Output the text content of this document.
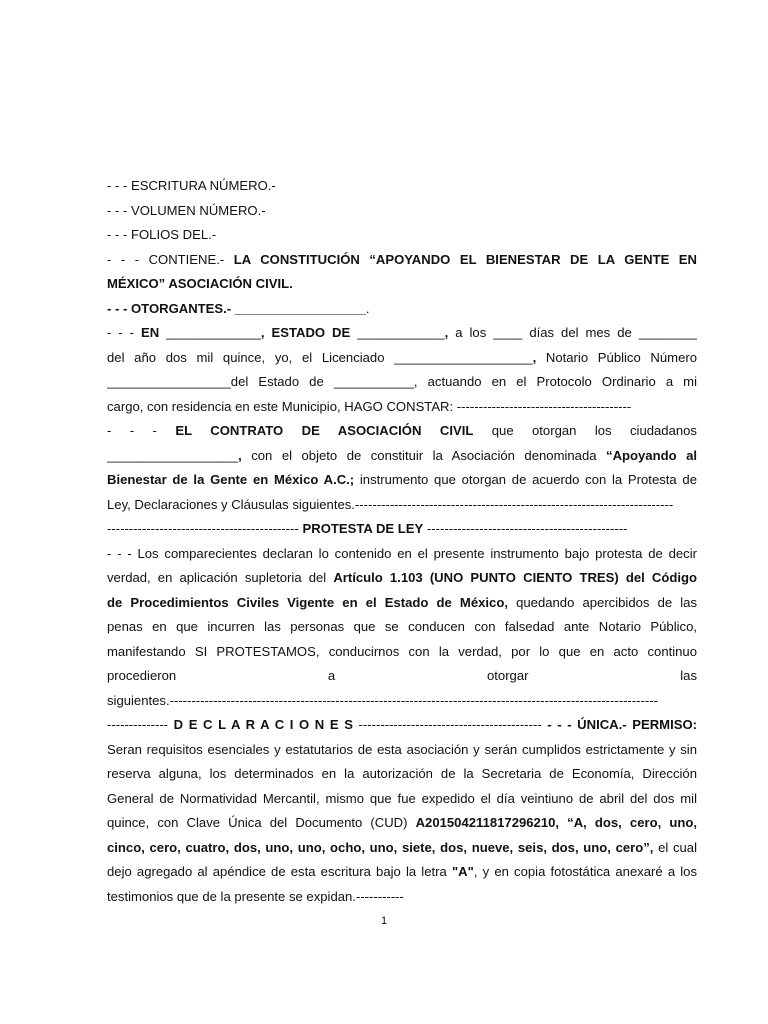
- - - ESCRITURA NÚMERO.-
- - - VOLUMEN NÚMERO.-
- - - FOLIOS DEL.-
- - - CONTIENE.- LA CONSTITUCIÓN “APOYANDO EL BIENESTAR DE LA GENTE EN
MÉXICO” ASOCIACIÓN CIVIL.
- - - OTORGANTES.- __________________.
- - - EN _____________, ESTADO DE ____________, a los ____ días del mes de ________
del año dos mil quince, yo, el Licenciado ___________________, Notario Público Número
_________________del Estado de ___________, actuando en el Protocolo Ordinario a mi
cargo, con residencia en este Municipio, HAGO CONSTAR: ----------------------------------------
- - - EL CONTRATO DE ASOCIACIÓN CIVIL que otorgan los ciudadanos
__________________, con el objeto de constituir la Asociación denominada “Apoyando al
Bienestar de la Gente en México A.C.; instrumento que otorgan de acuerdo con la Protesta de
Ley, Declaraciones y Cláusulas siguientes.-------------------------------------------------------------------------
-------------------------------------------- PROTESTA DE LEY ----------------------------------------------
- - - Los comparecientes declaran lo contenido en el presente instrumento bajo protesta de decir
verdad, en aplicación supletoria del Artículo 1.103 (UNO PUNTO CIENTO TRES) del Código
de Procedimientos Civiles Vigente en el Estado de México, quedando apercibidos de las
penas en que incurren las personas que se conducen con falsedad ante Notario Público,
manifestando SI PROTESTAMOS, conducirnos con la verdad, por lo que en acto continuo
procedieron a otorgar las
siguientes.----------------------------------------------------------------------------------------------------------------
-------------- D E C L A R A C I O N E S ------------------------------------------ - - - ÚNICA.- PERMISO:
Seran requisitos esenciales y estatutarios de esta asociación y serán cumplidos estrictamente y sin
reserva alguna, los determinados en la autorización de la Secretaria de Economía, Dirección
General de Normatividad Mercantil, mismo que fue expedido el día veintiuno de abril del dos mil
quince, con Clave Única del Documento (CUD) A201504211817296210, “A, dos, cero, uno,
cinco, cero, cuatro, dos, uno, uno, ocho, uno, siete, dos, nueve, seis, dos, uno, cero”, el cual
dejo agregado al apéndice de esta escritura bajo la letra "A", y en copia fotostática anexaré a los
testimonios que de la presente se expidan.-----------
1
